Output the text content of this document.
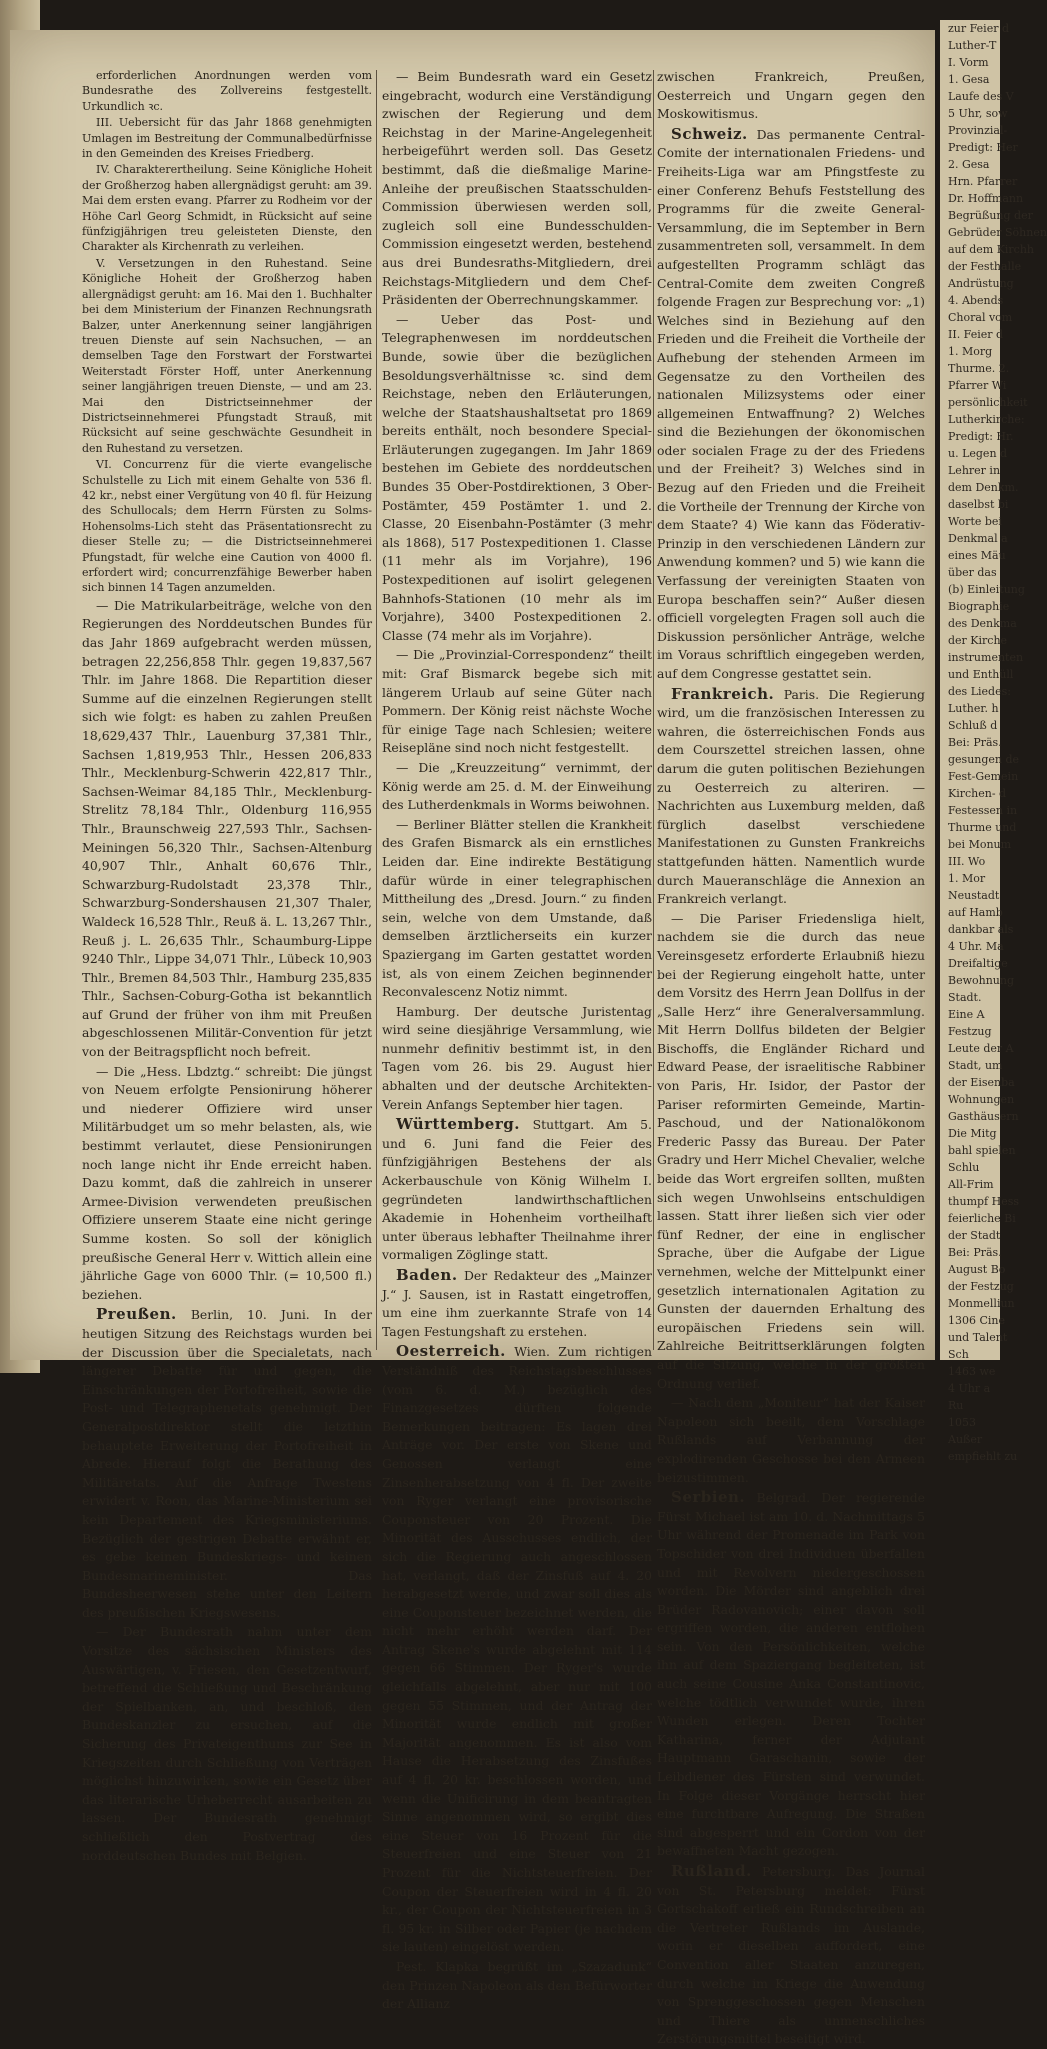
erforderlichen Anordnungen werden vom Bundesrathe des Zollvereins festgestellt. Urkundlich ꝛc.

III. Uebersicht für das Jahr 1868 genehmigten Umlagen im Bestreitung der Communalbedürfnisse in den Gemeinden des Kreises Friedberg.

IV. Charakterertheilung. Seine Königliche Hoheit der Großherzog haben allergnädigst geruht: am 39. Mai dem ersten evang. Pfarrer zu Rodheim vor der Höhe Carl Georg Schmidt, in Rücksicht auf seine fünfzigjährigen treu geleisteten Dienste, den Charakter als Kirchenrath zu verleihen.

V. Versetzungen in den Ruhestand. Seine Königliche Hoheit der Großherzog haben allergnädigst geruht: am 16. Mai den 1. Buchhalter bei dem Ministerium der Finanzen Rechnungsrath Balzer, unter Anerkennung seiner langjährigen treuen Dienste auf sein Nachsuchen, — an demselben Tage den Forstwart der Forstwartei Weiterstadt Förster Hoff, unter Anerkennung seiner langjährigen treuen Dienste, — und am 23. Mai den Districtseinnehmer der Districtseinnehmerei Pfungstadt Strauß, mit Rücksicht auf seine geschwächte Gesundheit in den Ruhestand zu versetzen.

VI. Concurrenz für die vierte evangelische Schulstelle zu Lich mit einem Gehalte von 536 fl. 42 kr., nebst einer Vergütung von 40 fl. für Heizung des Schullocals; dem Herrn Fürsten zu Solms-Hohensolms-Lich steht das Präsentationsrecht zu dieser Stelle zu; — die Districtseinnehmerei Pfungstadt, für welche eine Caution von 4000 fl. erfordert wird; concurrenzfähige Bewerber haben sich binnen 14 Tagen anzumelden.

— Die Matrikularbeiträge, welche von den Regierungen des Norddeutschen Bundes für das Jahr 1869 aufgebracht werden müssen, betragen 22,256,858 Thlr. gegen 19,837,567 Thlr. im Jahre 1868. Die Repartition dieser Summe auf die einzelnen Regierungen stellt sich wie folgt: es haben zu zahlen Preußen 18,629,437 Thlr., Lauenburg 37,381 Thlr., Sachsen 1,819,953 Thlr., Hessen 206,833 Thlr., Mecklenburg-Schwerin 422,817 Thlr., Sachsen-Weimar 84,185 Thlr., Mecklenburg-Strelitz 78,184 Thlr., Oldenburg 116,955 Thlr., Braunschweig 227,593 Thlr., Sachsen-Meiningen 56,320 Thlr., Sachsen-Altenburg 40,907 Thlr., Anhalt 60,676 Thlr., Schwarzburg-Rudolstadt 23,378 Thlr., Schwarzburg-Sondershausen 21,307 Thaler, Waldeck 16,528 Thlr., Reuß ä. L. 13,267 Thlr., Reuß j. L. 26,635 Thlr., Schaumburg-Lippe 9240 Thlr., Lippe 34,071 Thlr., Lübeck 10,903 Thlr., Bremen 84,503 Thlr., Hamburg 235,835 Thlr., Sachsen-Coburg-Gotha ist bekanntlich auf Grund der früher von ihm mit Preußen abgeschlossenen Militär-Convention für jetzt von der Beitragspflicht noch befreit.

— Die „Hess. Lbdztg.“ schreibt: Die jüngst von Neuem erfolgte Pensionirung höherer und niederer Offiziere wird unser Militärbudget um so mehr belasten, als, wie bestimmt verlautet, diese Pensionirungen noch lange nicht ihr Ende erreicht haben. Dazu kommt, daß die zahlreich in unserer Armee-Division verwendeten preußischen Offiziere unserem Staate eine nicht geringe Summe kosten. So soll der königlich preußische General Herr v. Wittich allein eine jährliche Gage von 6000 Thlr. (= 10,500 fl.) beziehen.

Preußen. Berlin, 10. Juni. In der heutigen Sitzung des Reichstags wurden bei der Discussion über die Specialetats, nach längerer Debatte für und gegen, die Einschränkungen der Portofreiheit, sowie die Post- und Telegraphenetats genehmigt. Der Generalpostdirektor stellt die letzthin behauptete Erweiterung der Portofreiheit in Abrede. Hierauf folgt die Berathung des Militäretats. Auf die Anfrage Twestens erwidert v. Roon, das Marine-Ministerium sei kein Departement des Kriegsministeriums. Bezüglich der gestrigen Debatte erwähnt er, es gebe keinen Bundeskriegs- und keinen Bundesmarineminister. Das Bundesheerwesen stehe unter den Leitern des preußischen Kriegswesens.

— Der Bundesrath nahm unter dem Vorsitze des sächsischen Ministers des Auswärtigen, v. Friesen, den Gesetzentwurf, betreffend die Schließung und Beschränkung der Spielbanken, an, und beschloß, den Bundeskanzler zu ersuchen, auf die Sicherung des Privateigenthums zur See in Kriegszeiten durch Schließung von Verträgen möglichst hinzuwirken, sowie ein Gesetz über das literarische Urheberrecht ausarbeiten zu lassen. Der Bundesrath genehmigt schließlich den Postvertrag des norddeutschen Bundes mit Belgien.

— Beim Bundesrath ward ein Gesetz eingebracht, wodurch eine Verständigung zwischen der Regierung und dem Reichstag in der Marine-Angelegenheit herbeigeführt werden soll. Das Gesetz bestimmt, daß die dießmalige Marine-Anleihe der preußischen Staatsschulden-Commission überwiesen werden soll, zugleich soll eine Bundesschulden-Commission eingesetzt werden, bestehend aus drei Bundesraths-Mitgliedern, drei Reichstags-Mitgliedern und dem Chef-Präsidenten der Oberrechnungskammer.

— Ueber das Post- und Telegraphenwesen im norddeutschen Bunde, sowie über die bezüglichen Besoldungsverhältnisse ꝛc. sind dem Reichstage, neben den Erläuterungen, welche der Staatshaushaltsetat pro 1869 bereits enthält, noch besondere Special-Erläuterungen zugegangen. Im Jahr 1869 bestehen im Gebiete des norddeutschen Bundes 35 Ober-Postdirektionen, 3 Ober-Postämter, 459 Postämter 1. und 2. Classe, 20 Eisenbahn-Postämter (3 mehr als 1868), 517 Postexpeditionen 1. Classe (11 mehr als im Vorjahre), 196 Postexpeditionen auf isolirt gelegenen Bahnhofs-Stationen (10 mehr als im Vorjahre), 3400 Postexpeditionen 2. Classe (74 mehr als im Vorjahre).

— Die „Provinzial-Correspondenz“ theilt mit: Graf Bismarck begebe sich mit längerem Urlaub auf seine Güter nach Pommern. Der König reist nächste Woche für einige Tage nach Schlesien; weitere Reisepläne sind noch nicht festgestellt.

— Die „Kreuzzeitung“ vernimmt, der König werde am 25. d. M. der Einweihung des Lutherdenkmals in Worms beiwohnen.

— Berliner Blätter stellen die Krankheit des Grafen Bismarck als ein ernstliches Leiden dar. Eine indirekte Bestätigung dafür würde in einer telegraphischen Mittheilung des „Dresd. Journ.“ zu finden sein, welche von dem Umstande, daß demselben ärztlicherseits ein kurzer Spaziergang im Garten gestattet worden ist, als von einem Zeichen beginnender Reconvalescenz Notiz nimmt.

Hamburg. Der deutsche Juristentag wird seine diesjährige Versammlung, wie nunmehr definitiv bestimmt ist, in den Tagen vom 26. bis 29. August hier abhalten und der deutsche Architekten-Verein Anfangs September hier tagen.

Württemberg. Stuttgart. Am 5. und 6. Juni fand die Feier des fünfzigjährigen Bestehens der als Ackerbauschule von König Wilhelm I. gegründeten landwirthschaftlichen Akademie in Hohenheim vortheilhaft unter überaus lebhafter Theilnahme ihrer vormaligen Zöglinge statt.

Baden. Der Redakteur des „Mainzer J.“ J. Sausen, ist in Rastatt eingetroffen, um eine ihm zuerkannte Strafe von 14 Tagen Festungshaft zu erstehen.

Oesterreich. Wien. Zum richtigen Verständniß des Reichstagsbeschlusses (vom 6. d. M.) bezüglich des Finanzgesetzes dürften folgende Bemerkungen beitragen: Es lagen drei Anträge vor. Der erste von Skene und Genossen verlangt eine Zinsenherabsetzung von 4 fl. Der zweite von Ryger verlangt eine provisorische Couponsteuer von 20 Prozent. Die Minorität des Ausschusses endlich, der sich die Regierung auch angeschlossen hat, verlangt, daß der Zinsfuß auf 4. 20 herabgesetzt werde, und zwar soll dies als eine Couponsteuer bezeichnet werden, die nicht mehr erhöht werden darf. Der Antrag Skene's wurde abgelehnt mit 114 gegen 66 Stimmen. Der Ryger's wurde gleichfalls abgelehnt, aber nur mit 100 gegen 55 Stimmen, und der Antrag der Minorität wurde endlich mit großer Majorität angenommen. Es ist also vom Hause die Herabsetzung des Zinsfußes auf 4 fl. 20 kr. beschlossen worden, und wenn die Unificirung in dem beantragten Sinne angenommen wird, so ergibt dies eine Steuer von 16 Prozent für die Steuerfreien und eine Steuer von 21 Prozent für die Nichtsteuerfreien. Der Coupon der Steuerfreien wird in 4 fl. 20 kr., der Coupon der Nichtsteuerfreien in 3 fl. 95 kr. in Silber oder Papier (je nachdem sie lauten) eingelöst werden.

Pest. Klapka begrüßt im „Szazadunk“ den Prinzen Napoleon als den Befürworter der Allianz

zwischen Frankreich, Preußen, Oesterreich und Ungarn gegen den Moskowitismus.

Schweiz. Das permanente Central-Comite der internationalen Friedens- und Freiheits-Liga war am Pfingstfeste zu einer Conferenz Behufs Feststellung des Programms für die zweite General-Versammlung, die im September in Bern zusammentreten soll, versammelt. In dem aufgestellten Programm schlägt das Central-Comite dem zweiten Congreß folgende Fragen zur Besprechung vor: „1) Welches sind in Beziehung auf den Frieden und die Freiheit die Vortheile der Aufhebung der stehenden Armeen im Gegensatze zu den Vortheilen des nationalen Milizsystems oder einer allgemeinen Entwaffnung? 2) Welches sind die Beziehungen der ökonomischen oder socialen Frage zu der des Friedens und der Freiheit? 3) Welches sind in Bezug auf den Frieden und die Freiheit die Vortheile der Trennung der Kirche von dem Staate? 4) Wie kann das Föderativ-Prinzip in den verschiedenen Ländern zur Anwendung kommen? und 5) wie kann die Verfassung der vereinigten Staaten von Europa beschaffen sein?“ Außer diesen officiell vorgelegten Fragen soll auch die Diskussion persönlicher Anträge, welche im Voraus schriftlich eingegeben werden, auf dem Congresse gestattet sein.

Frankreich. Paris. Die Regierung wird, um die französischen Interessen zu wahren, die österreichischen Fonds aus dem Courszettel streichen lassen, ohne darum die guten politischen Beziehungen zu Oesterreich zu alteriren. — Nachrichten aus Luxemburg melden, daß fürglich daselbst verschiedene Manifestationen zu Gunsten Frankreichs stattgefunden hätten. Namentlich wurde durch Maueranschläge die Annexion an Frankreich verlangt.

— Die Pariser Friedensliga hielt, nachdem sie die durch das neue Vereinsgesetz erforderte Erlaubniß hiezu bei der Regierung eingeholt hatte, unter dem Vorsitz des Herrn Jean Dollfus in der „Salle Herz“ ihre Generalversammlung. Mit Herrn Dollfus bildeten der Belgier Bischoffs, die Engländer Richard und Edward Pease, der israelitische Rabbiner von Paris, Hr. Isidor, der Pastor der Pariser reformirten Gemeinde, Martin-Paschoud, und der Nationalökonom Frederic Passy das Bureau. Der Pater Gradry und Herr Michel Chevalier, welche beide das Wort ergreifen sollten, mußten sich wegen Unwohlseins entschuldigen lassen. Statt ihrer ließen sich vier oder fünf Redner, der eine in englischer Sprache, über die Aufgabe der Ligue vernehmen, welche der Mittelpunkt einer gesetzlich internationalen Agitation zu Gunsten der dauernden Erhaltung des europäischen Friedens sein will. Zahlreiche Beitrittserklärungen folgten auf die Sitzung, welche in der größten Ordnung verlief.

— Nach dem „Moniteur“ hat der Kaiser Napoleon sich beeilt, dem Vorschlage Rußlands auf Verbannung der explodirenden Geschosse bei den Armeen beizustimmen.

Serbien. Belgrad. Der regierende Fürst Michael ist am 10. d. Nachmittags 5 Uhr während der Promenade im Park von Topschider von drei Individuen überfallen und mit Revolvern niedergeschossen worden. Die Mörder sind angeblich drei Brüder Radovanovich; einer davon soll ergriffen worden, die anderen entflohen sein. Von den Persönlichkeiten, welche ihn auf dem Spaziergang begleiteten, ist auch seine Cousine Anka Constantinovic, welche tödtlich verwundet wurde, ihren Wunden erlegen. Deren Tochter Katharina, ferner der Adjutant Hauptmann Garaschanin, sowie der Leibdiener des Fürsten sind verwundet. In Folge dieser Vorgänge herrscht hier eine furchtbare Aufregung. Die Straßen sind abgesperrt und ein Cordon von der bewaffneten Macht gezogen.

Rußland. Petersburg. Das Journal von St. Petersburg meldet: Fürst Gortschakoff erließ ein Rundschreiben an die Vertreter Rußlands im Auslande, worin er dieselben auffordert, eine Convention aller Staaten anzuregen, durch welche im Kriege die Anwendung von Sprenggeschossen gegen Menschen und Thiere als unmenschliches Zerstörungsmittel beseitigt wird.

zur Feier d
Luther-T
I. Vorm
1. Gesa
Laufe des V
5 Uhr, sow
Provinzial-
Predigt: Her
2. Gesa
Hrn. Pfarrer
Dr. Hoffmann
Begrüßung der
Gebrüder Söhnen
auf dem Kirchh
der Festhalle
Andrüstung
4. Abends
Choral vom
II. Feier d
1. Morg
Thurme. 2.
Pfarrer Wi
persönlichkeit
Lutherkirche:
Predigt: Hr.
u. Legen d
Lehrer in
dem Denkm.
daselbst bi
Worte bei
Denkmal a
eines Mäu
über das
(b) Einleitung
Biographie
des Denkma
der Kirche
instrumenten
und Enthüll
des Liedes:
Luther. h
Schluß d
Bei: Präs.
gesungen de
Fest-Gemein
Kirchen- d
Festessen in
Thurme und
bei Monum
III. Wo
1. Mor
Neustadt
auf Hamb
dankbar als
4 Uhr. Ma
Dreifaltige
Bewohnung
Stadt.
Eine A
Festzug
Leute der A
Stadt, um
der Eisenba
Wohnungen
Gasthäusern
Die Mitg
bahl spielen
Schlu
All-Frim
thumpf Hess
feierliche Bi
der Stadt
Bei: Präs.
August Bo
der Festzug
Monmelliun
1306 Cine
und Talent
Sch
1463 we
4 Uhr a
Ru
1053
Außer
empfiehlt zu
